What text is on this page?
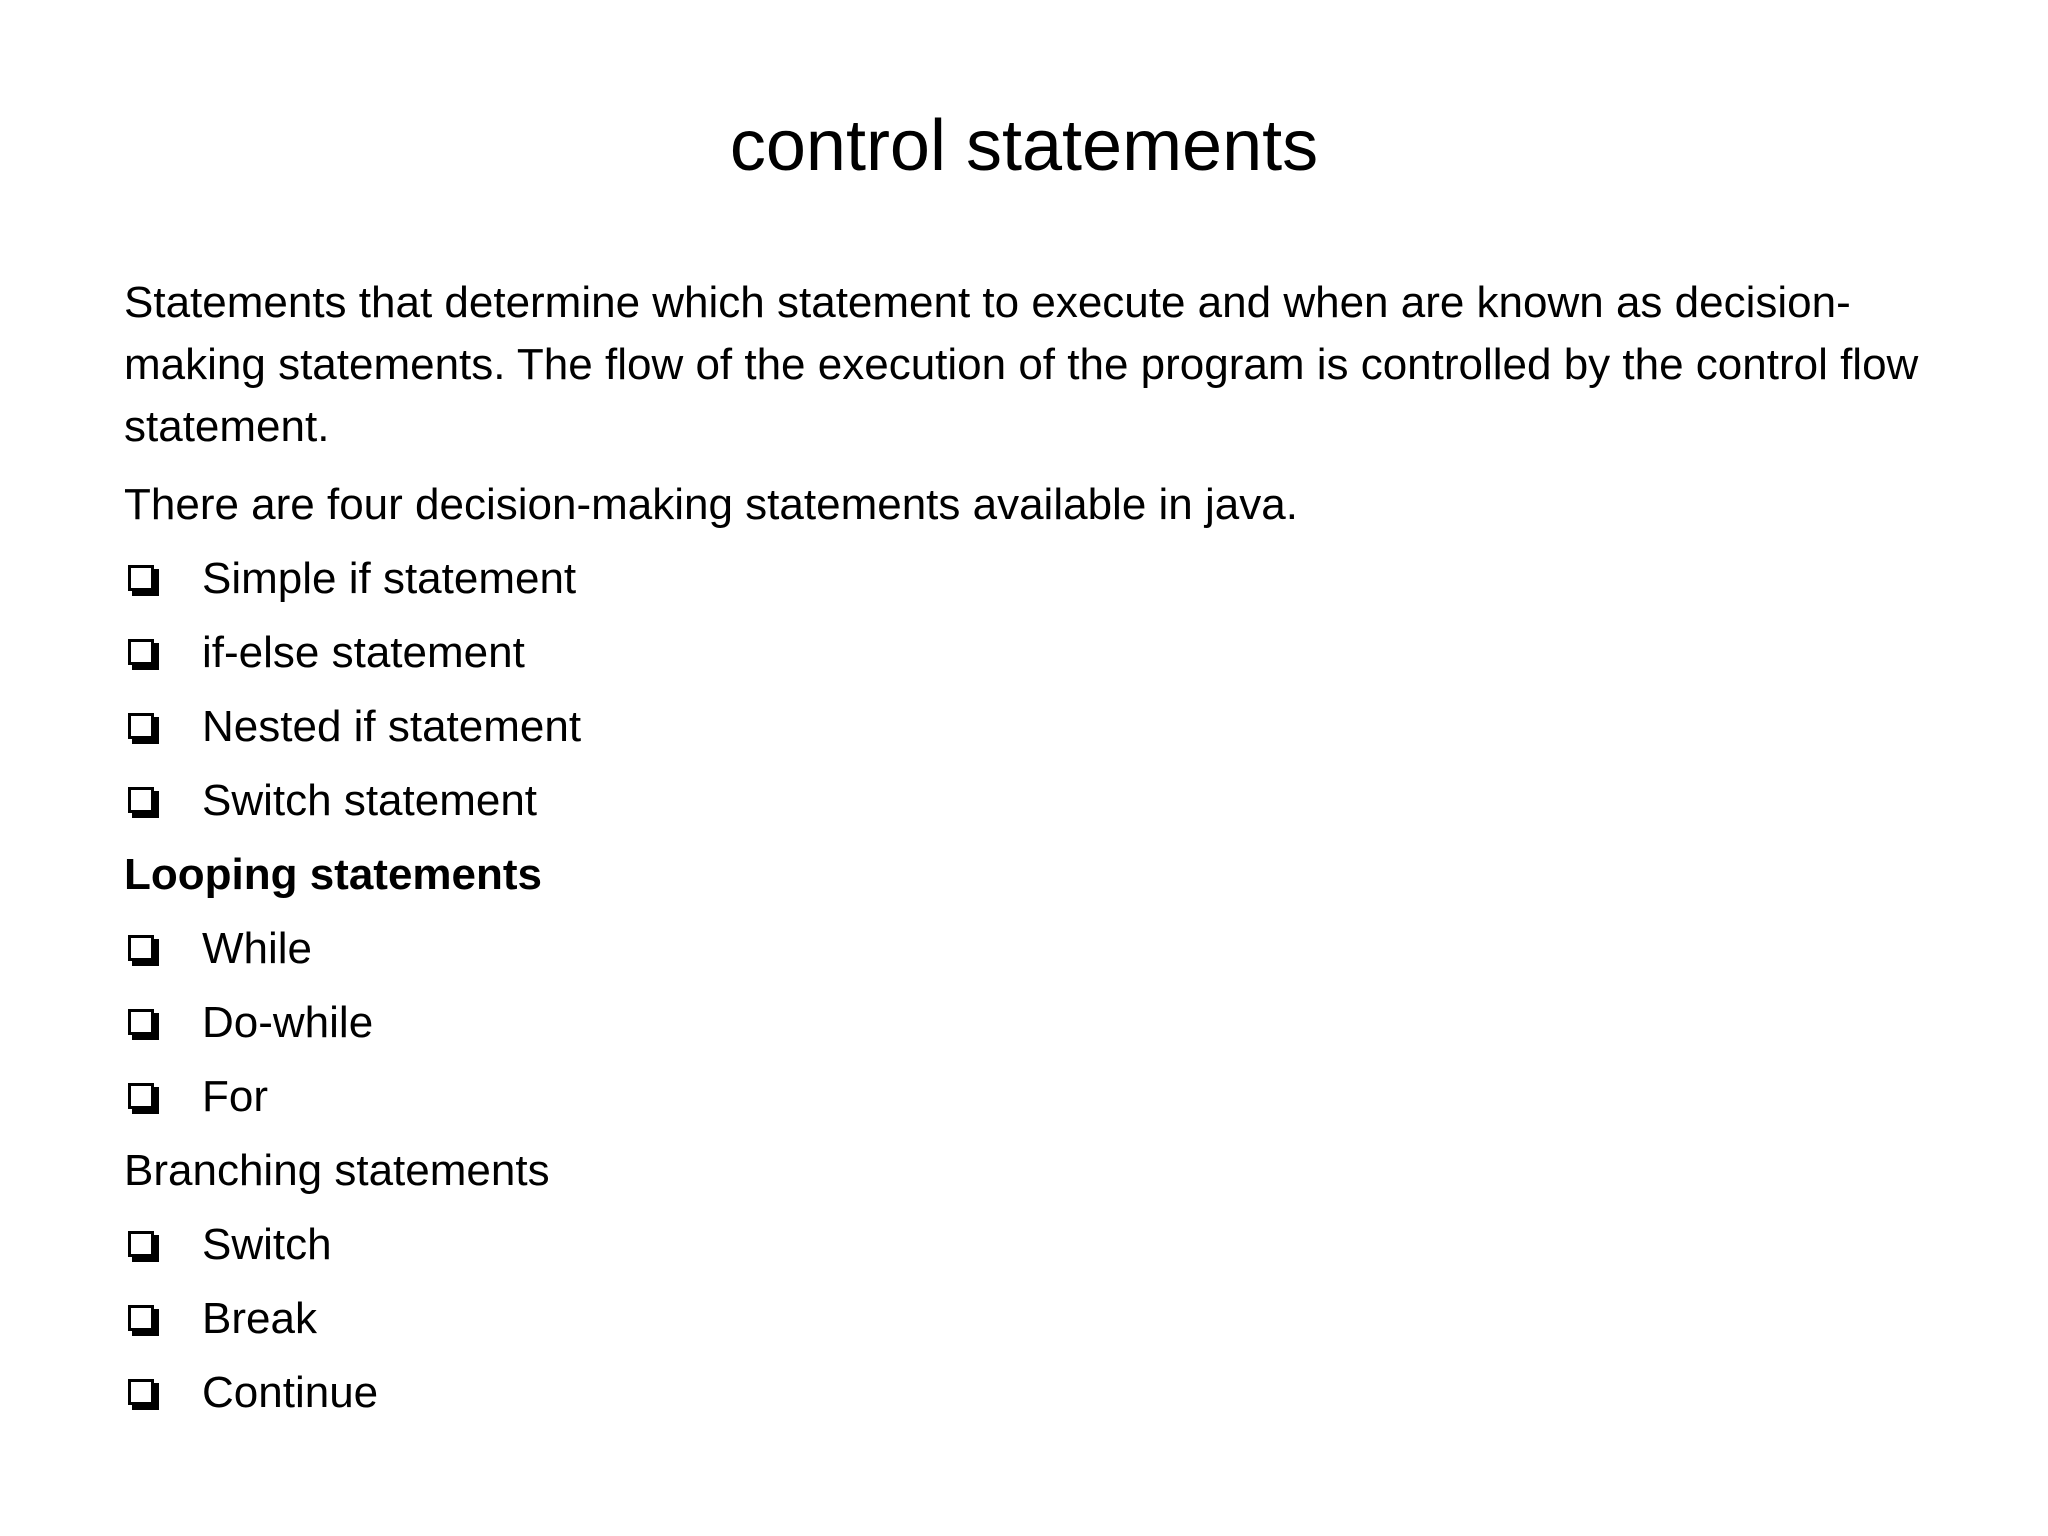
control statements

Statements that determine which statement to execute and when are known as decision-making statements. The flow of the execution of the program is controlled by the control flow statement.

There are four decision-making statements available in java.

Simple if statement
if-else statement
Nested if statement
Switch statement

Looping statements

While
Do-while
For

Branching statements

Switch
Break
Continue
